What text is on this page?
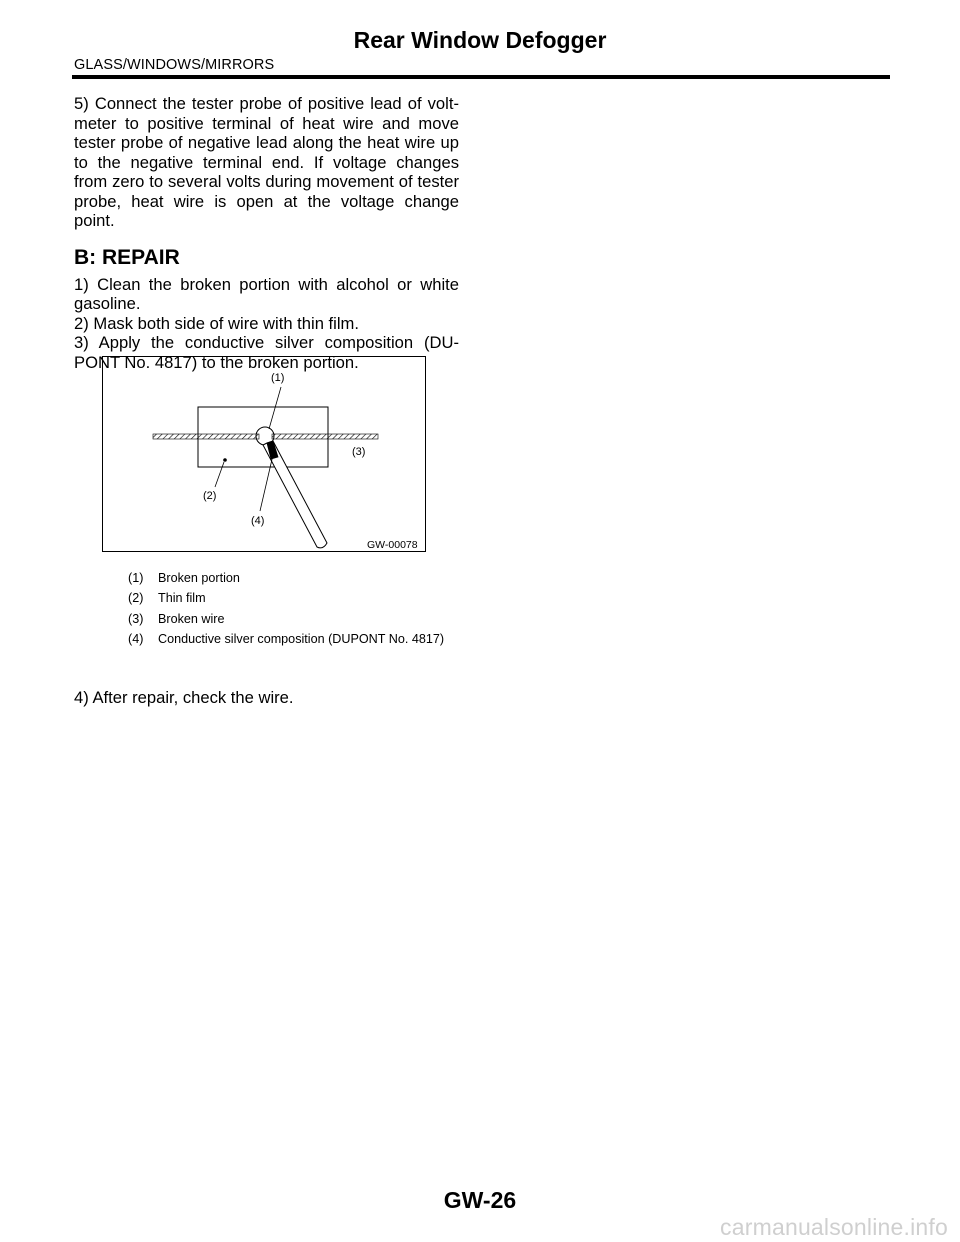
Rear Window Defogger
GLASS/WINDOWS/MIRRORS

5) Connect the tester probe of positive lead of volt-meter to positive terminal of heat wire and move tester probe of negative lead along the heat wire up to the negative terminal end. If voltage changes from zero to several volts during movement of tester probe, heat wire is open at the voltage change point.

B: REPAIR

1) Clean the broken portion with alcohol or white gasoline.

2) Mask both side of wire with thin film.

3) Apply the conductive silver composition (DU-PONT No. 4817) to the broken portion.

(1)
(2)
(3)
(4)
GW-00078
(1) Broken portion
(2) Thin film
(3) Broken wire
(4) Conductive silver composition (DUPONT No. 4817)
4) After repair, check the wire.
GW-26
carmanualsonline.info
